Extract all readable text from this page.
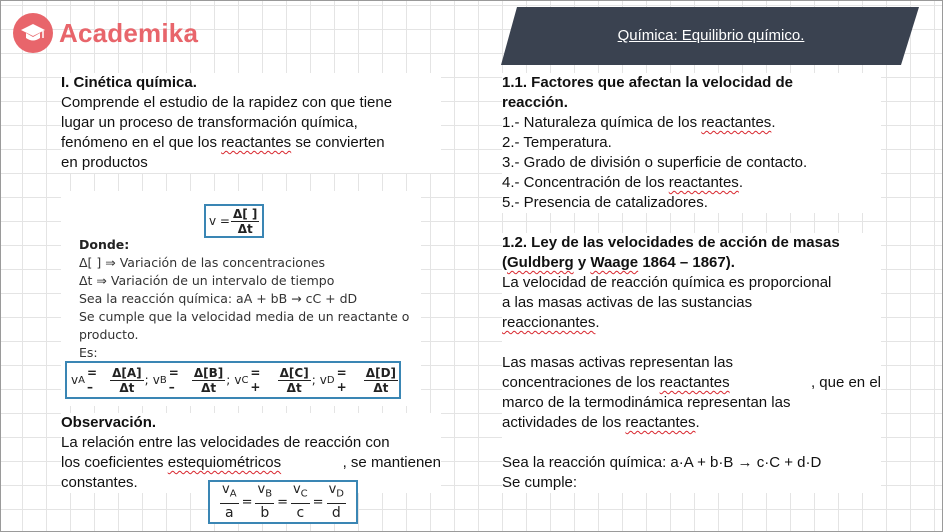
Academika	Química: Equilibrio químico.
I. Cinética química.
Comprende el estudio de la rapidez con que tiene
lugar un proceso de transformación química,
fenómeno en el que los reactantes se convierten
en productos
$v = \frac{\Delta[ ]}{\Delta t}$
Donde:
Δ[ ] ⇒ Variación de las concentraciones
Δt ⇒ Variación de un intervalo de tiempo
Sea la reacción química: aA + bB → cC + dD
Se cumple que la velocidad media de un reactante o
producto.
Es:
v A = –	$\frac{\Delta[A]}{\Delta t}$ ; v B = –	$\frac{\Delta[B]}{\Delta t}$ ; v C = +	$\frac{\Delta[C]}{\Delta t}$ ; v D = +	$\frac{\Delta[D]}{\Delta t}$
Observación.
La relación entre las velocidades de reacción con
los coeficientes estequiométricos	, se mantienen
constantes.	$\frac{v_A}{a} = \frac{v_B}{b} = \frac{v_C}{c} = \frac{v_D}{d}$
1.1. Factores que afectan la velocidad de
reacción.
1.- Naturaleza química de los reactantes.
2.- Temperatura.
3.- Grado de división o superficie de contacto.
4.- Concentración de los reactantes.
5.- Presencia de catalizadores.
1.2. Ley de las velocidades de acción de masas
(Guldberg y Waage 1864 – 1867).
La velocidad de reacción química es proporcional
a las masas activas de las sustancias
reaccionantes.

Las masas activas representan las
concentraciones de los reactantes	, que en el
marco de la termodinámica representan las
actividades de los reactantes.

Sea la reacción química: a·A + b·B → c·C + d·D
Se cumple:
